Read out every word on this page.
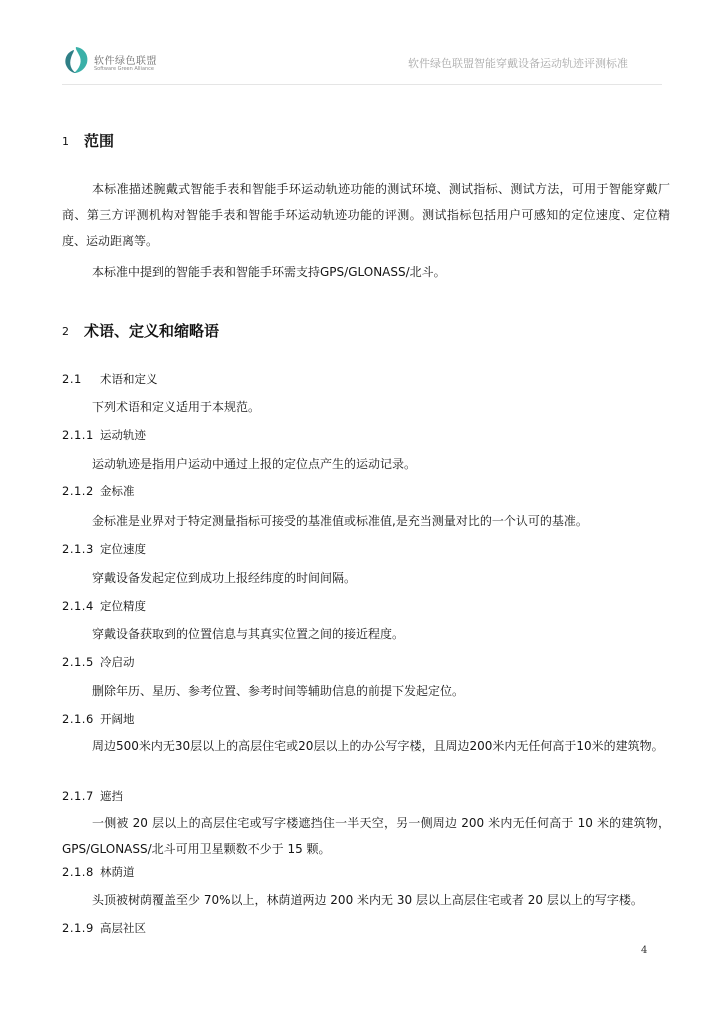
软件绿色联盟
Software Green Alliance	软件绿色联盟智能穿戴设备运动轨迹评测标准
1 范围
本标准描述腕戴式智能手表和智能手环运动轨迹功能的测试环境、测试指标、测试方法，可用于智能穿戴厂商、第三方评测机构对智能手表和智能手环运动轨迹功能的评测。测试指标包括用户可感知的定位速度、定位精度、运动距离等。
本标准中提到的智能手表和智能手环需支持GPS/GLONASS/北斗。
2 术语、定义和缩略语
2.1 术语和定义
下列术语和定义适用于本规范。
2.1.1 运动轨迹
运动轨迹是指用户运动中通过上报的定位点产生的运动记录。
2.1.2 金标准
金标准是业界对于特定测量指标可接受的基准值或标准值,是充当测量对比的一个认可的基准。
2.1.3 定位速度
穿戴设备发起定位到成功上报经纬度的时间间隔。
2.1.4 定位精度
穿戴设备获取到的位置信息与其真实位置之间的接近程度。
2.1.5 冷启动
删除年历、星历、参考位置、参考时间等辅助信息的前提下发起定位。
2.1.6 开阔地
周边500米内无30层以上的高层住宅或20层以上的办公写字楼，且周边200米内无任何高于10米的建筑物。
2.1.7 遮挡
一侧被 20 层以上的高层住宅或写字楼遮挡住一半天空，另一侧周边 200 米内无任何高于 10 米的建筑物，GPS/GLONASS/北斗可用卫星颗数不少于 15 颗。
2.1.8 林荫道
头顶被树荫覆盖至少 70%以上，林荫道两边 200 米内无 30 层以上高层住宅或者 20 层以上的写字楼。
2.1.9 高层社区
4
